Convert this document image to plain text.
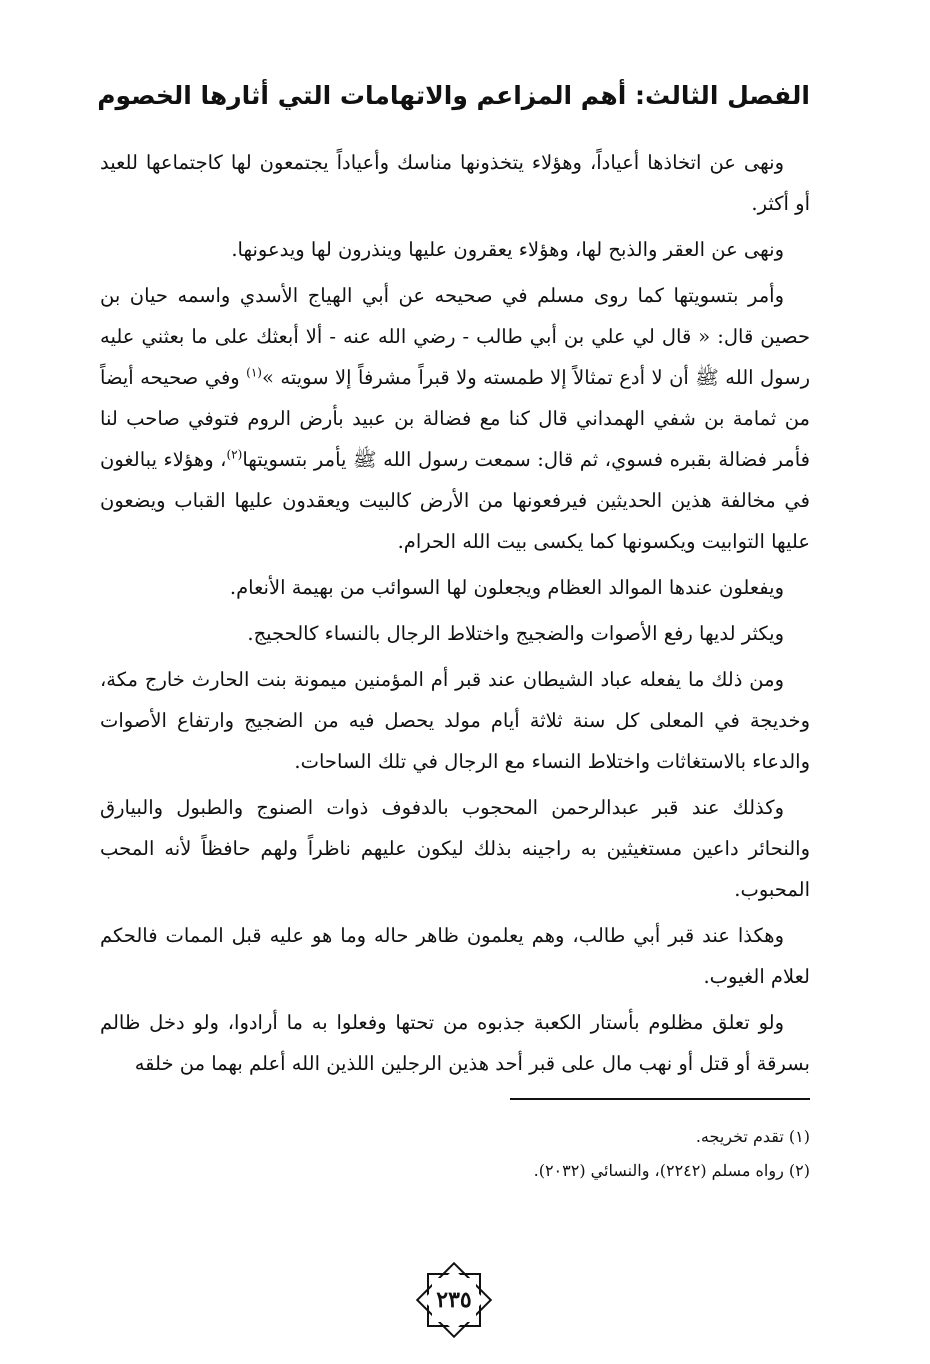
الفصل الثالث: أهم المزاعم والاتهامات التي أثارها الخصوم

ونهى عن اتخاذها أعياداً، وهؤلاء يتخذونها مناسك وأعياداً يجتمعون لها كاجتماعها للعيد أو أكثر.

ونهى عن العقر والذبح لها، وهؤلاء يعقرون عليها وينذرون لها ويدعونها.

وأمر بتسويتها كما روى مسلم في صحيحه عن أبي الهياج الأسدي واسمه حيان بن حصين قال: « قال لي علي بن أبي طالب - رضي الله عنه - ألا أبعثك على ما بعثني عليه رسول الله ﷺ أن لا أدع تمثالاً إلا طمسته ولا قبراً مشرفاً إلا سويته »$^{(١)}$ وفي صحيحه أيضاً من ثمامة بن شفي الهمداني قال كنا مع فضالة بن عبيد بأرض الروم فتوفي صاحب لنا فأمر فضالة بقبره فسوي، ثم قال: سمعت رسول الله ﷺ يأمر بتسويتها$^{(٢)}$، وهؤلاء يبالغون في مخالفة هذين الحديثين فيرفعونها من الأرض كالبيت ويعقدون عليها القباب ويضعون عليها التوابيت ويكسونها كما يكسى بيت الله الحرام.

ويفعلون عندها الموالد العظام ويجعلون لها السوائب من بهيمة الأنعام.

ويكثر لديها رفع الأصوات والضجيج واختلاط الرجال بالنساء كالحجيج.

ومن ذلك ما يفعله عباد الشيطان عند قبر أم المؤمنين ميمونة بنت الحارث خارج مكة، وخديجة في المعلى كل سنة ثلاثة أيام مولد يحصل فيه من الضجيج وارتفاع الأصوات والدعاء بالاستغاثات واختلاط النساء مع الرجال في تلك الساحات.

وكذلك عند قبر عبدالرحمن المحجوب بالدفوف ذوات الصنوج والطبول والبيارق والنحائر داعين مستغيثين به راجينه بذلك ليكون عليهم ناظراً ولهم حافظاً لأنه المحب المحبوب.

وهكذا عند قبر أبي طالب، وهم يعلمون ظاهر حاله وما هو عليه قبل الممات فالحكم لعلام الغيوب.

ولو تعلق مظلوم بأستار الكعبة جذبوه من تحتها وفعلوا به ما أرادوا، ولو دخل ظالم بسرقة أو قتل أو نهب مال على قبر أحد هذين الرجلين اللذين الله أعلم بهما من خلقه

(١) تقدم تخريجه.
(٢) رواه مسلم (٢٢٤٢)، والنسائي (٢٠٣٢).
٢٣٥
